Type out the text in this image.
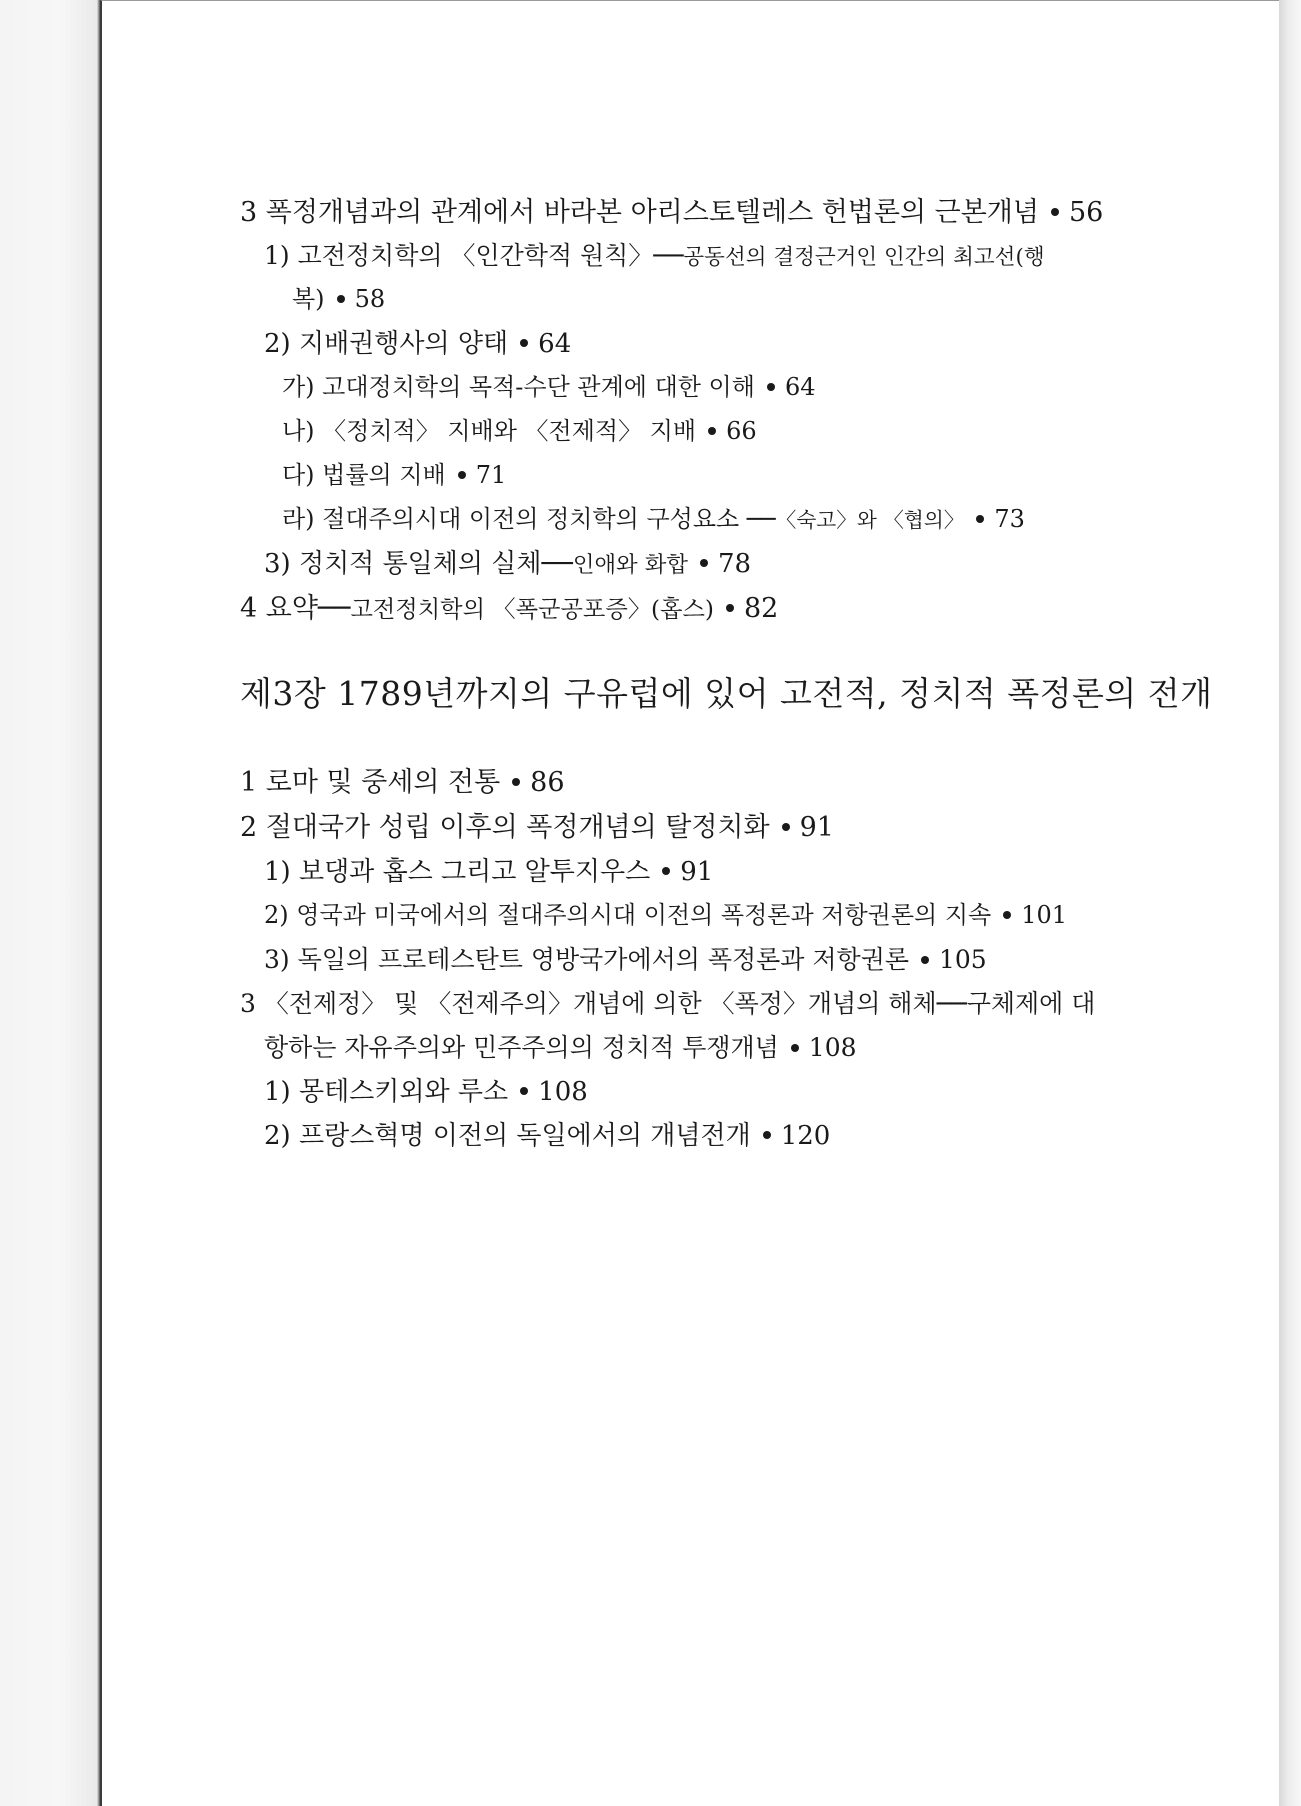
3 폭정개념과의 관계에서 바라본 아리스토텔레스 헌법론의 근본개념 56
1) 고전정치학의 〈인간학적 원칙〉──공동선의 결정근거인 인간의 최고선(행
복) 58
2) 지배권행사의 양태 64
가) 고대정치학의 목적-수단 관계에 대한 이해 64
나) 〈정치적〉 지배와 〈전제적〉 지배 66
다) 법률의 지배 71
라) 절대주의시대 이전의 정치학의 구성요소 ──〈숙고〉와 〈협의〉 73
3) 정치적 통일체의 실체──인애와 화합 78
4 요약──고전정치학의 〈폭군공포증〉(홉스) 82
제3장 1789년까지의 구유럽에 있어 고전적, 정치적 폭정론의 전개
1 로마 및 중세의 전통 86
2 절대국가 성립 이후의 폭정개념의 탈정치화 91
1) 보댕과 홉스 그리고 알투지우스 91
2) 영국과 미국에서의 절대주의시대 이전의 폭정론과 저항권론의 지속 101
3) 독일의 프로테스탄트 영방국가에서의 폭정론과 저항권론 105
3 〈전제정〉 및 〈전제주의〉개념에 의한 〈폭정〉개념의 해체──구체제에 대
항하는 자유주의와 민주주의의 정치적 투쟁개념 108
1) 몽테스키외와 루소 108
2) 프랑스혁명 이전의 독일에서의 개념전개 120
